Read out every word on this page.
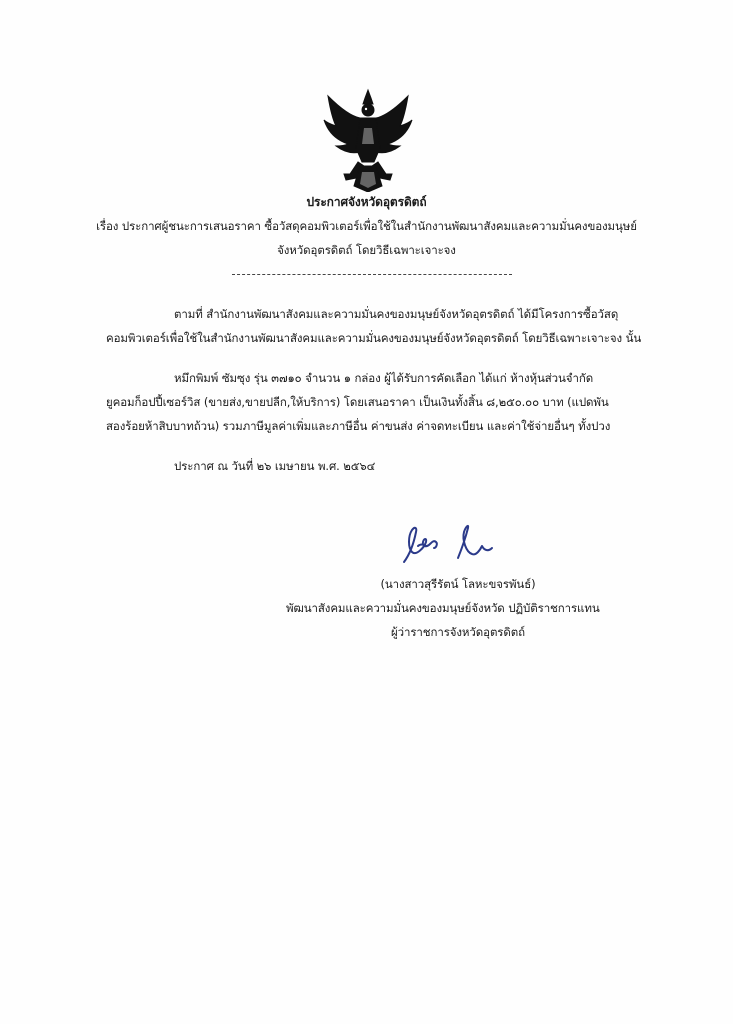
ประกาศจังหวัดอุตรดิตถ์
เรื่อง ประกาศผู้ชนะการเสนอราคา ซื้อวัสดุคอมพิวเตอร์เพื่อใช้ในสำนักงานพัฒนาสังคมและความมั่นคงของมนุษย์
จังหวัดอุตรดิตถ์ โดยวิธีเฉพาะเจาะจง
ตามที่ สำนักงานพัฒนาสังคมและความมั่นคงของมนุษย์จังหวัดอุตรดิตถ์ ได้มีโครงการซื้อวัสดุ
คอมพิวเตอร์เพื่อใช้ในสำนักงานพัฒนาสังคมและความมั่นคงของมนุษย์จังหวัดอุตรดิตถ์ โดยวิธีเฉพาะเจาะจง นั้น
หมึกพิมพ์ ซัมซุง รุ่น ๓๗๑๐ จำนวน ๑ กล่อง ผู้ได้รับการคัดเลือก ได้แก่ ห้างหุ้นส่วนจำกัด
ยูคอมก็อปปี้เซอร์วิส (ขายส่ง,ขายปลีก,ให้บริการ) โดยเสนอราคา เป็นเงินทั้งสิ้น ๘,๒๕๐.๐๐ บาท (แปดพัน
สองร้อยห้าสิบบาทถ้วน) รวมภาษีมูลค่าเพิ่มและภาษีอื่น ค่าขนส่ง ค่าจดทะเบียน และค่าใช้จ่ายอื่นๆ ทั้งปวง
ประกาศ ณ วันที่ ๒๖ เมษายน พ.ศ. ๒๕๖๔
(นางสาวสุรีรัตน์ โลหะขจรพันธ์)
พัฒนาสังคมและความมั่นคงของมนุษย์จังหวัด ปฏิบัติราชการแทน
ผู้ว่าราชการจังหวัดอุตรดิตถ์
